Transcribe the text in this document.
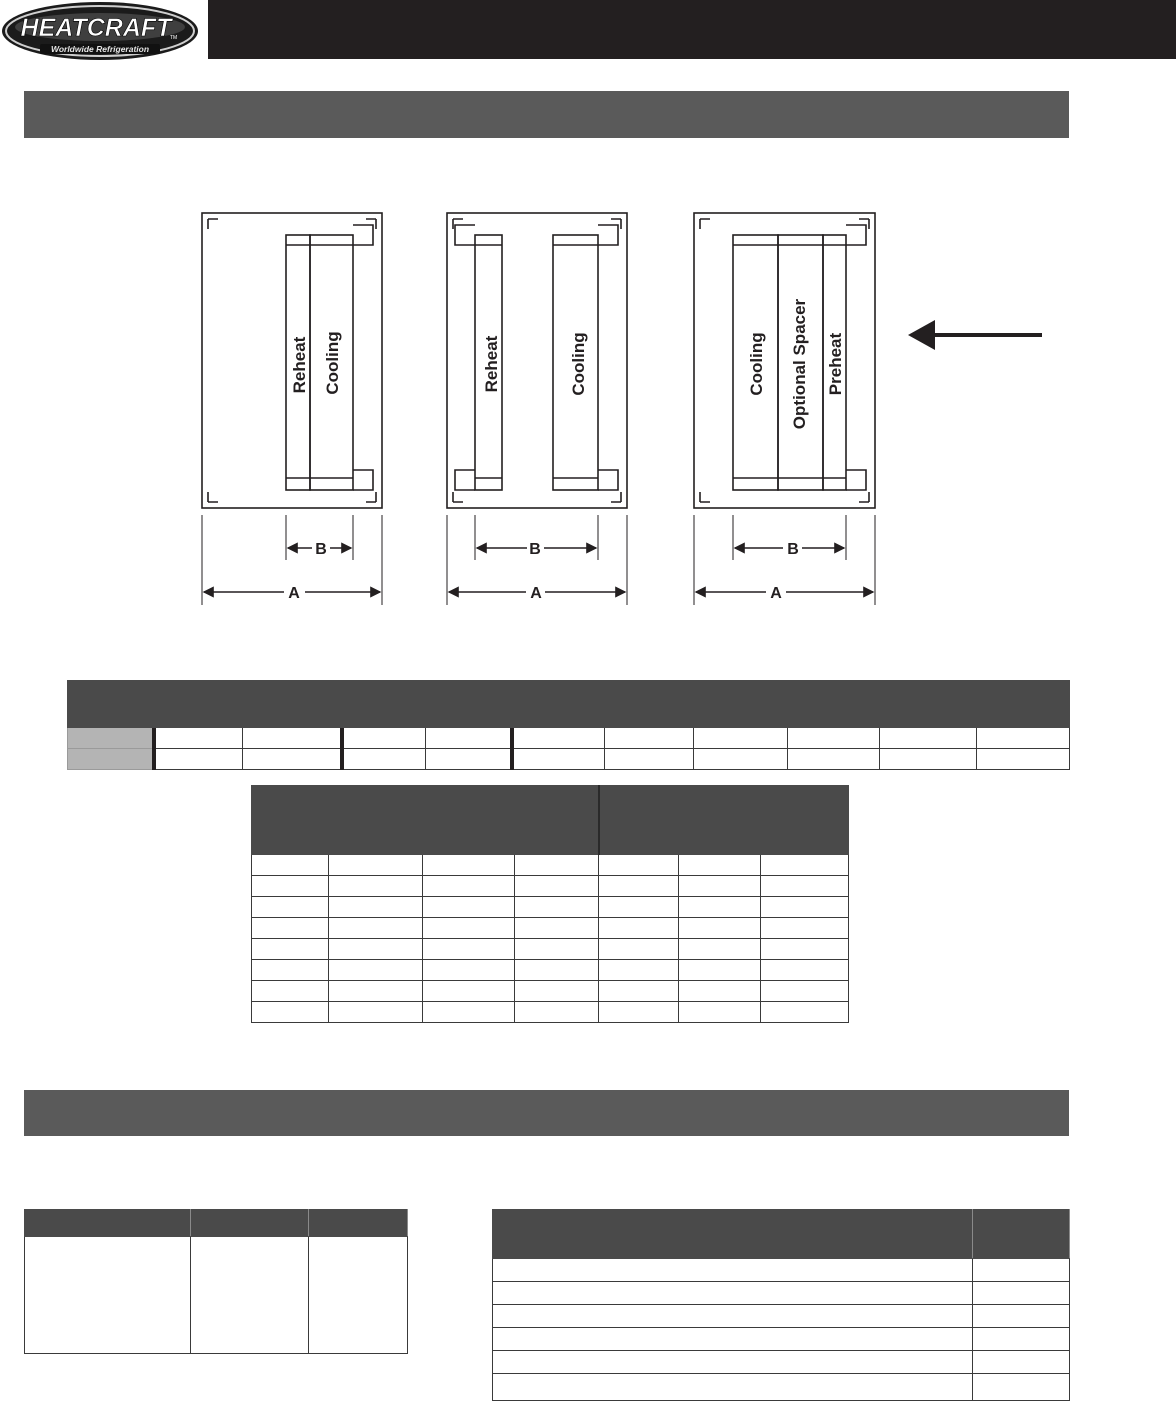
HEATCRAFT
TM
Worldwide Refrigeration
Reheat Cooling	Reheat	Cooling	Cooling Optional Spacer Preheat
B
A
B
A
B
A
